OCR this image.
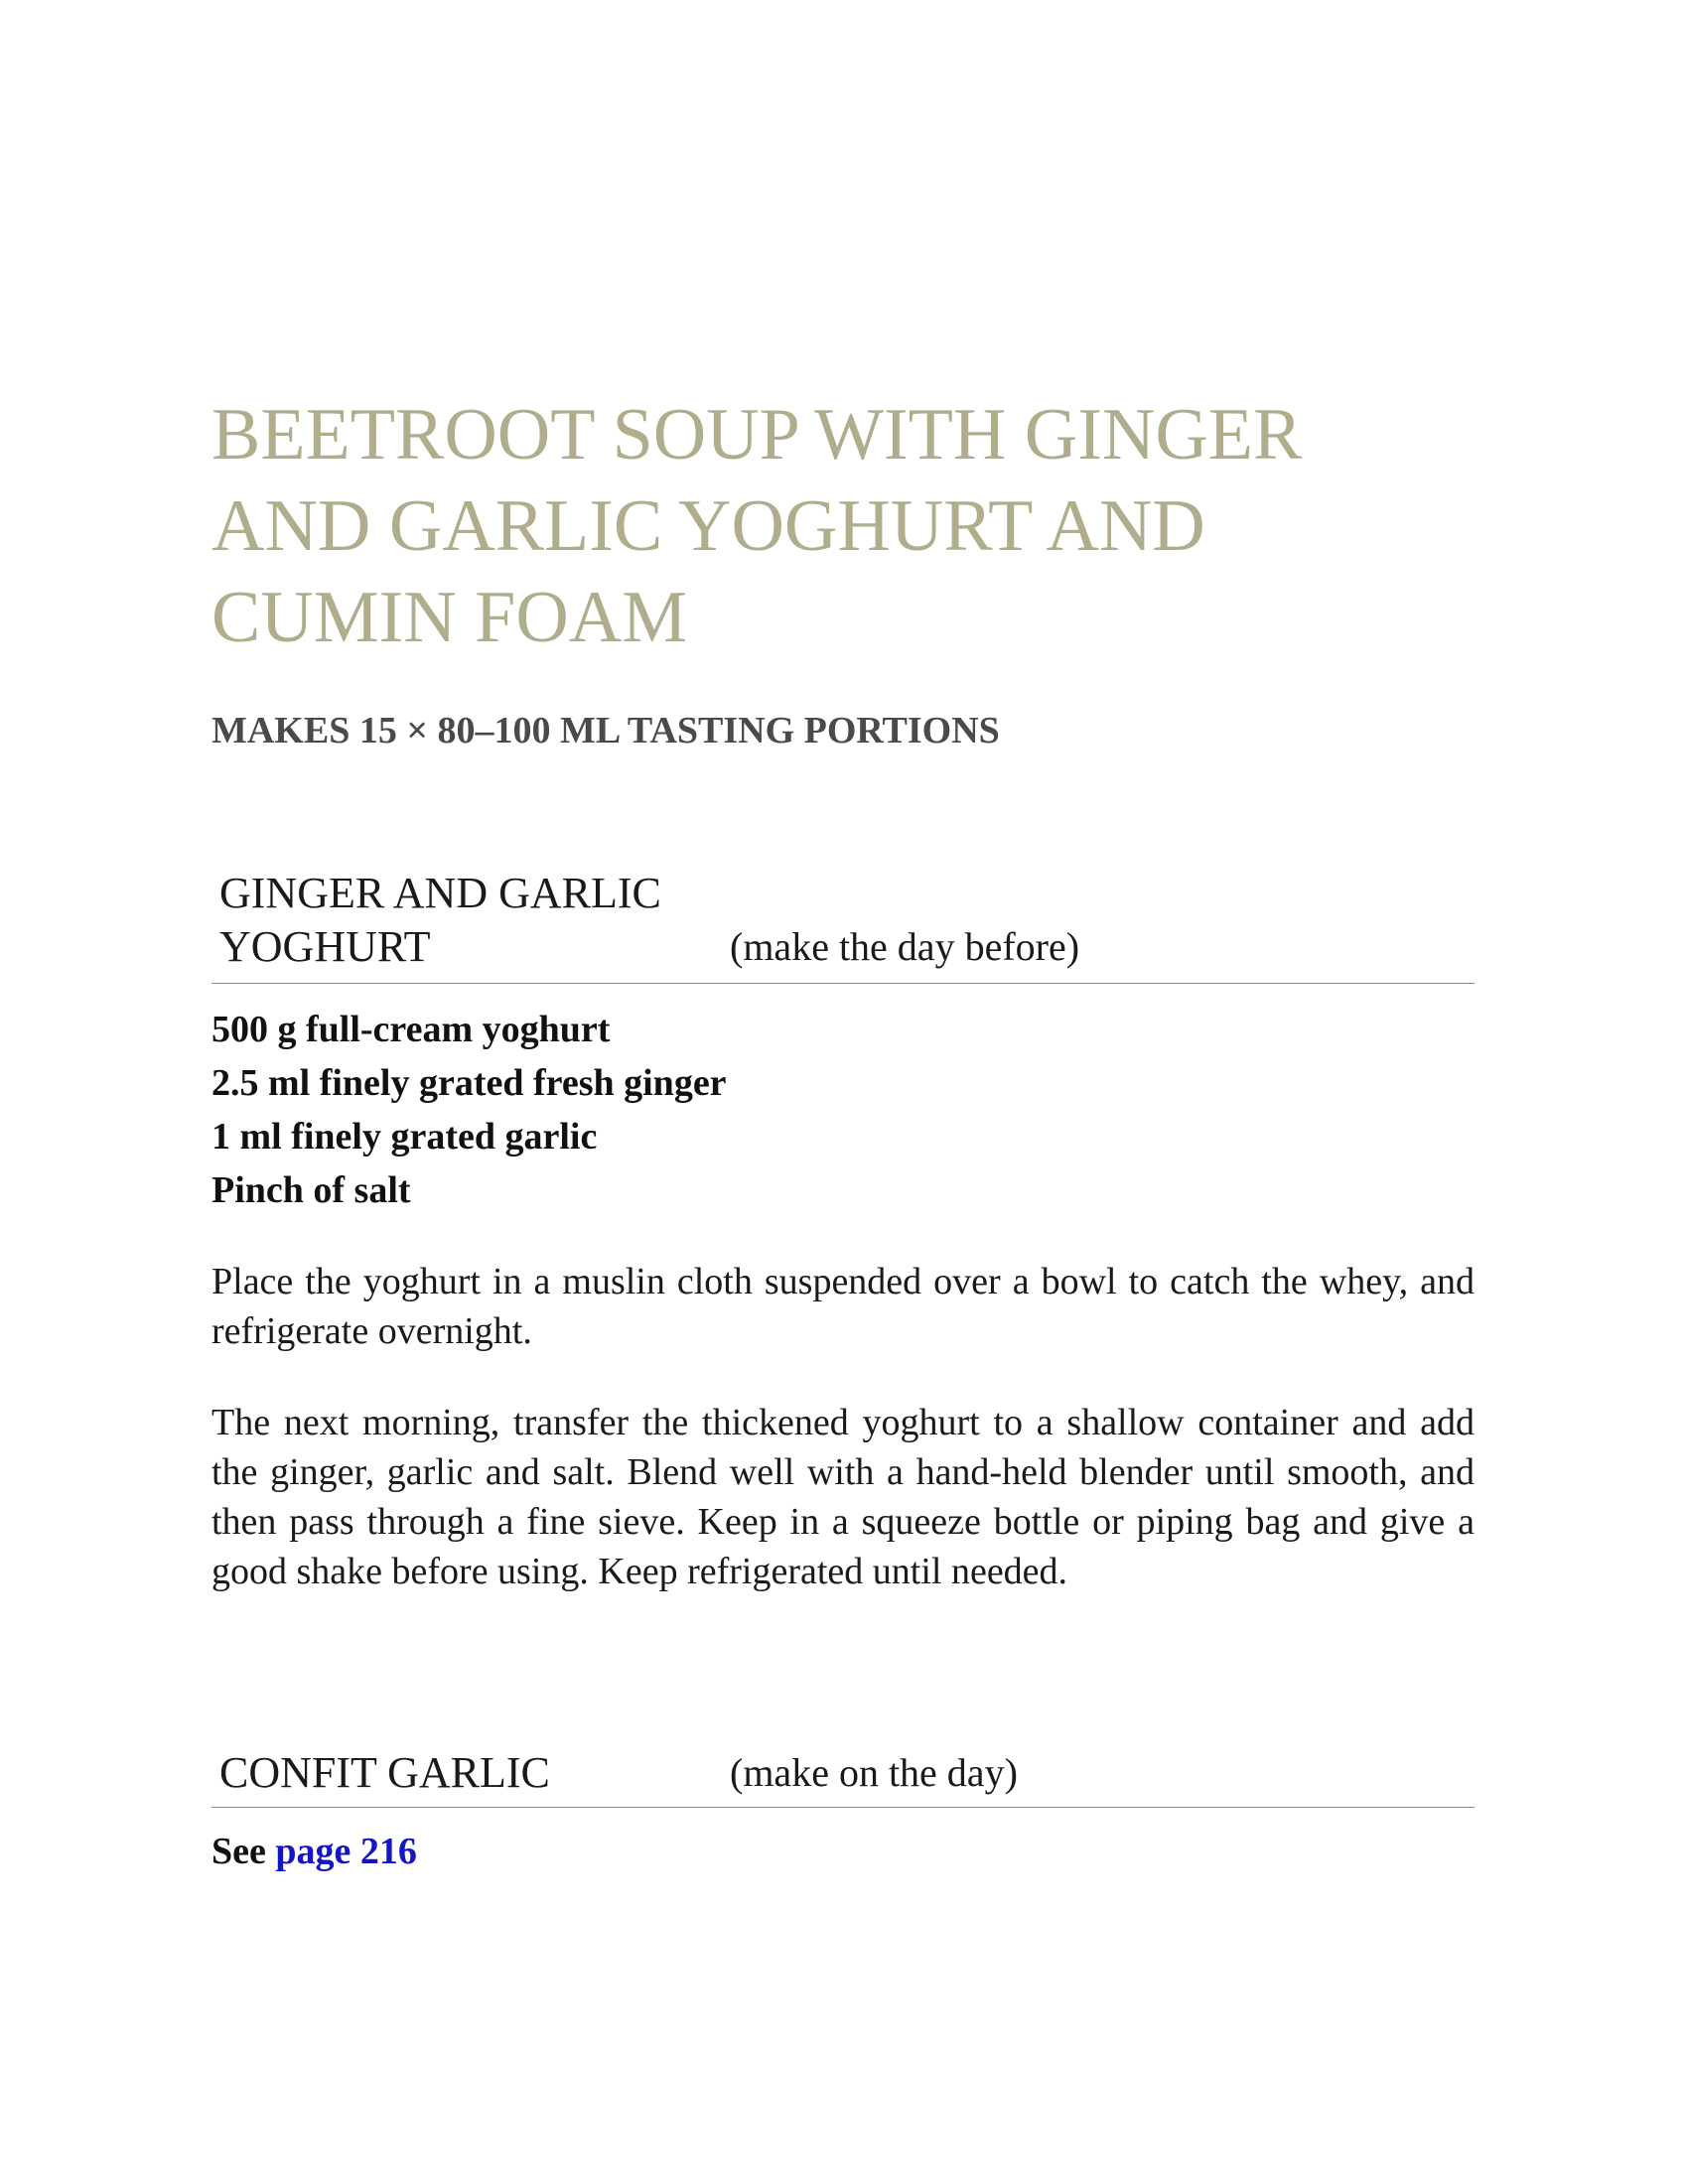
BEETROOT SOUP WITH GINGER
AND GARLIC YOGHURT AND
CUMIN FOAM

MAKES 15 × 80–100 ML TASTING PORTIONS

GINGER AND GARLIC
YOGHURT	(make the day before)
500 g full-cream yoghurt
2.5 ml finely grated fresh ginger
1 ml finely grated garlic
Pinch of salt

Place the yoghurt in a muslin cloth suspended over a bowl to catch the whey, and refrigerate overnight.

The next morning, transfer the thickened yoghurt to a shallow container and add the ginger, garlic and salt. Blend well with a hand-held blender until smooth, and then pass through a fine sieve. Keep in a squeeze bottle or piping bag and give a good shake before using. Keep refrigerated until needed.

CONFIT GARLIC	(make on the day)
See page 216
